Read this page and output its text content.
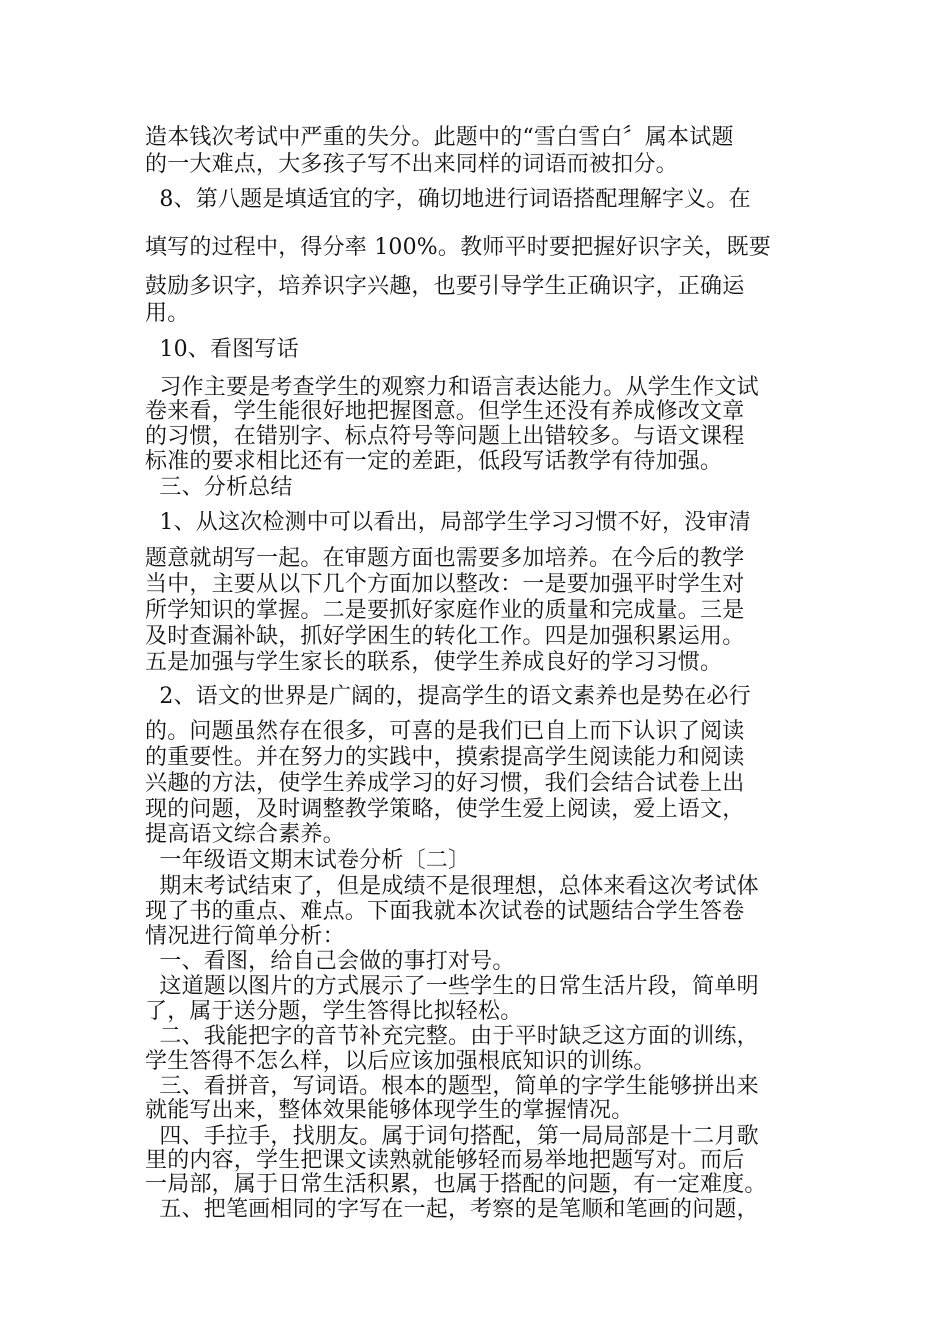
造本钱次考试中严重的失分。此题中的“雪白雪白〞属本试题
的一大难点，大多孩子写不出来同样的词语而被扣分。
8、第八题是填适宜的字，确切地进行词语搭配理解字义。在
填写的过程中，得分率 100%。教师平时要把握好识字关，既要
鼓励多识字，培养识字兴趣，也要引导学生正确识字，正确运
用。
10、看图写话
习作主要是考查学生的观察力和语言表达能力。从学生作文试
卷来看，学生能很好地把握图意。但学生还没有养成修改文章
的习惯，在错别字、标点符号等问题上出错较多。与语文课程
标准的要求相比还有一定的差距，低段写话教学有待加强。
三、分析总结
1、从这次检测中可以看出，局部学生学习习惯不好，没审清
题意就胡写一起。在审题方面也需要多加培养。在今后的教学
当中，主要从以下几个方面加以整改：一是要加强平时学生对
所学知识的掌握。二是要抓好家庭作业的质量和完成量。三是
及时查漏补缺，抓好学困生的转化工作。四是加强积累运用。
五是加强与学生家长的联系，使学生养成良好的学习习惯。
2、语文的世界是广阔的，提高学生的语文素养也是势在必行
的。问题虽然存在很多，可喜的是我们已自上而下认识了阅读
的重要性。并在努力的实践中，摸索提高学生阅读能力和阅读
兴趣的方法，使学生养成学习的好习惯，我们会结合试卷上出
现的问题，及时调整教学策略，使学生爱上阅读，爱上语文，
提高语文综合素养。
一年级语文期末试卷分析〔二〕
期末考试结束了，但是成绩不是很理想，总体来看这次考试体
现了书的重点、难点。下面我就本次试卷的试题结合学生答卷
情况进行简单分析：
一、看图，给自己会做的事打对号。
这道题以图片的方式展示了一些学生的日常生活片段，简单明
了，属于送分题，学生答得比拟轻松。
二、我能把字的音节补充完整。由于平时缺乏这方面的训练，
学生答得不怎么样，以后应该加强根底知识的训练。
三、看拼音，写词语。根本的题型，简单的字学生能够拼出来
就能写出来，整体效果能够体现学生的掌握情况。
四、手拉手，找朋友。属于词句搭配，第一局局部是十二月歌
里的内容，学生把课文读熟就能够轻而易举地把题写对。而后
一局部，属于日常生活积累，也属于搭配的问题，有一定难度。
五、把笔画相同的字写在一起，考察的是笔顺和笔画的问题，
